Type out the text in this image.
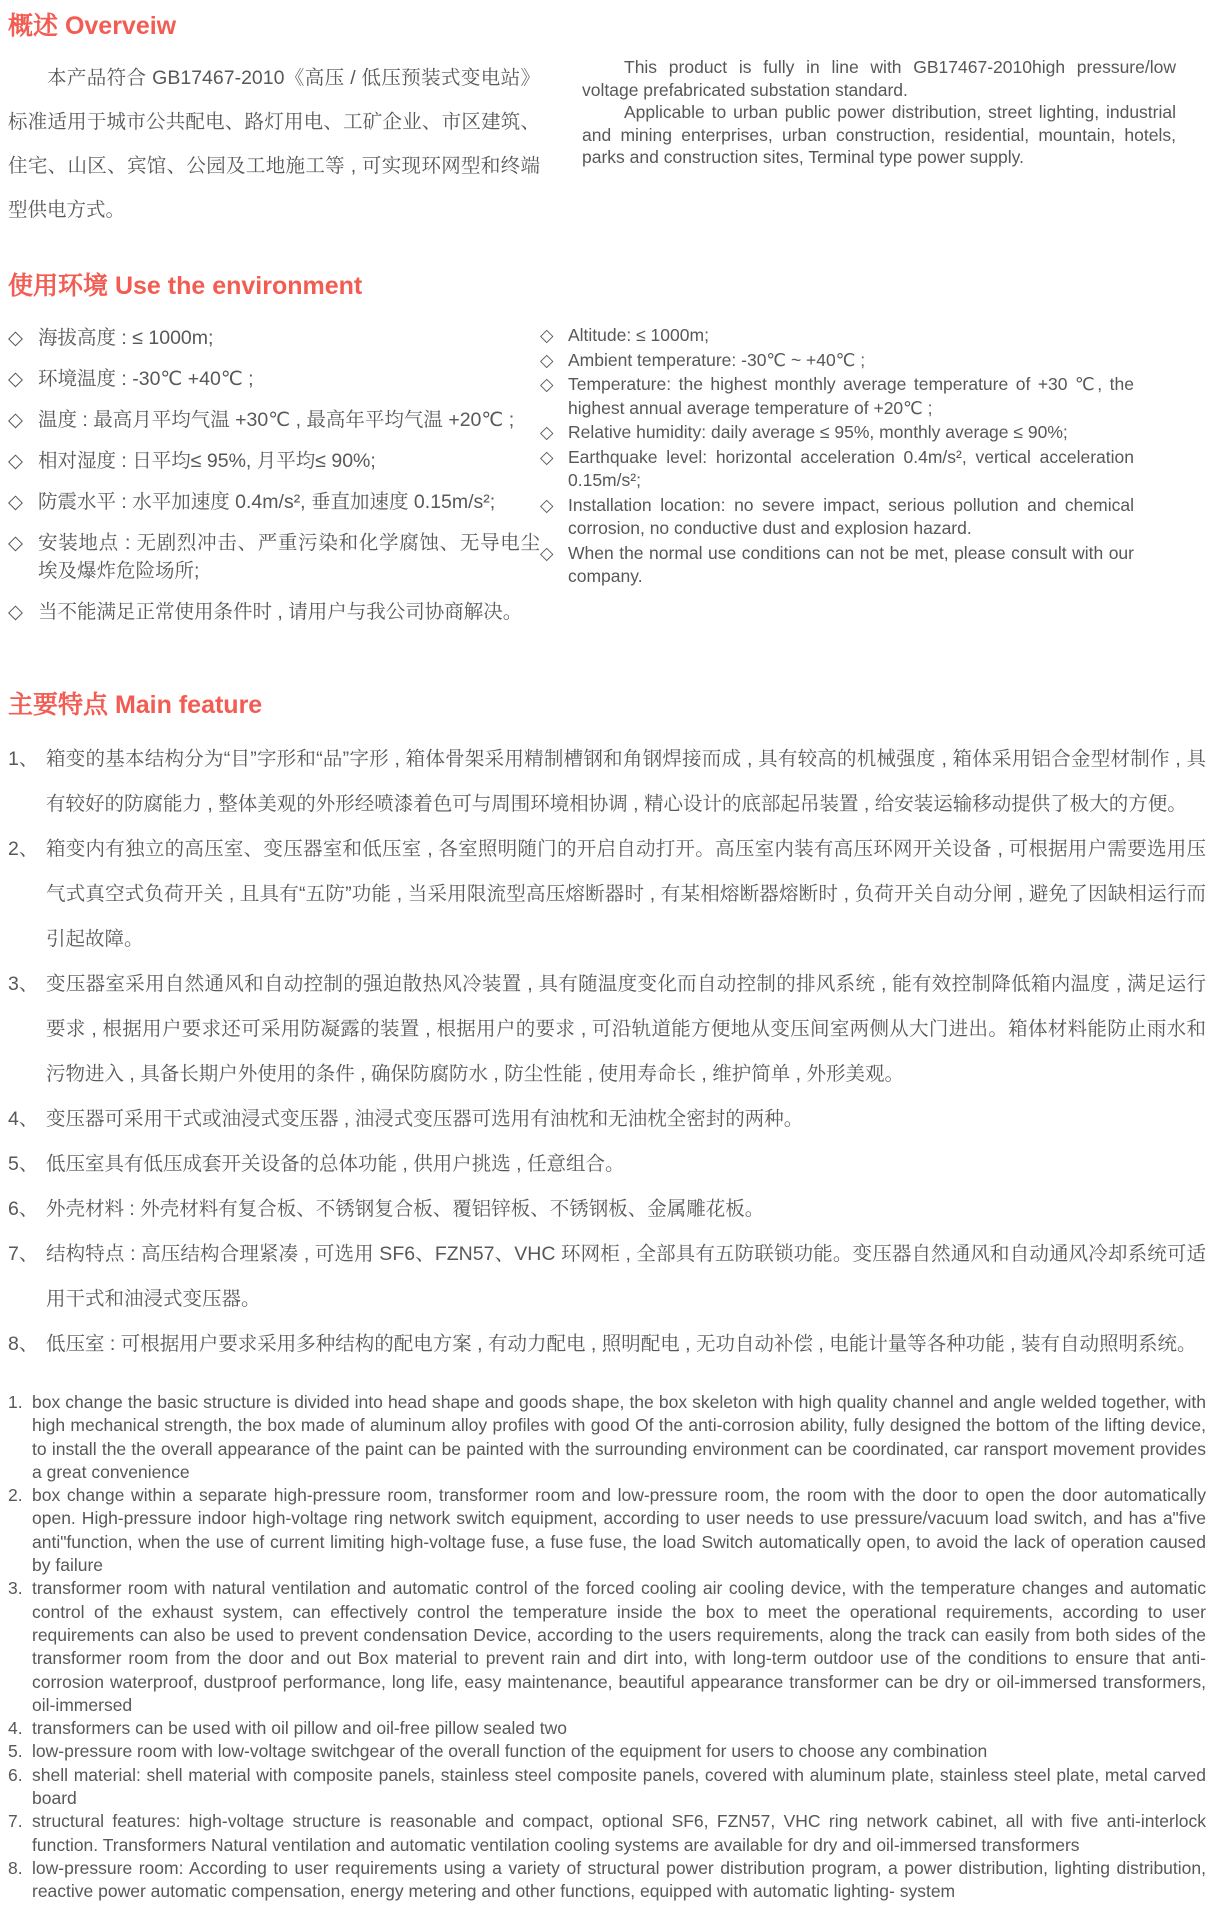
概述 Overveiw

本产品符合 GB17467-2010《高压 / 低压预装式变电站》标准适用于城市公共配电、路灯用电、工矿企业、市区建筑、住宅、山区、宾馆、公园及工地施工等 , 可实现环网型和终端型供电方式。

This product is fully in line with GB17467-2010high pressure/low voltage prefabricated substation standard.

Applicable to urban public power distribution, street lighting, industrial and mining enterprises, urban construction, residential, mountain, hotels, parks and construction sites, Terminal type power supply.

使用环境 Use the environment
◇ 海拔高度 : ≤ 1000m;
◇ 环境温度 : -30℃ +40℃ ;
◇ 温度 : 最高月平均气温 +30℃ , 最高年平均气温 +20℃ ;
◇ 相对湿度 : 日平均≤ 95%, 月平均≤ 90%;
◇ 防震水平 : 水平加速度 0.4m/s², 垂直加速度 0.15m/s²;
◇ 安装地点 : 无剧烈冲击、严重污染和化学腐蚀、无导电尘埃及爆炸危险场所;
◇ 当不能满足正常使用条件时 , 请用户与我公司协商解决。
◇ Altitude: ≤ 1000m;
◇ Ambient temperature: -30℃ ~ +40℃ ;
◇ Temperature: the highest monthly average temperature of +30 ℃, the highest annual average temperature of +20℃ ;
◇ Relative humidity: daily average ≤ 95%, monthly average ≤ 90%;
◇ Earthquake level: horizontal acceleration 0.4m/s², vertical acceleration 0.15m/s²;
◇ Installation location: no severe impact, serious pollution and chemical corrosion, no conductive dust and explosion hazard.
◇ When the normal use conditions can not be met, please consult with our company.
主要特点 Main feature
1、 箱变的基本结构分为“目”字形和“品”字形 , 箱体骨架采用精制槽钢和角钢焊接而成 , 具有较高的机械强度 , 箱体采用铝合金型材制作 , 具有较好的防腐能力 , 整体美观的外形经喷漆着色可与周围环境相协调 , 精心设计的底部起吊装置 , 给安装运输移动提供了极大的方便。
2、 箱变内有独立的高压室、变压器室和低压室 , 各室照明随门的开启自动打开。高压室内装有高压环网开关设备 , 可根据用户需要选用压气式真空式负荷开关 , 且具有“五防”功能 , 当采用限流型高压熔断器时 , 有某相熔断器熔断时 , 负荷开关自动分闸 , 避免了因缺相运行而引起故障。
3、 变压器室采用自然通风和自动控制的强迫散热风冷装置 , 具有随温度变化而自动控制的排风系统 , 能有效控制降低箱内温度 , 满足运行要求 , 根据用户要求还可采用防凝露的装置 , 根据用户的要求 , 可沿轨道能方便地从变压间室两侧从大门进出。箱体材料能防止雨水和污物进入 , 具备长期户外使用的条件 , 确保防腐防水 , 防尘性能 , 使用寿命长 , 维护简单 , 外形美观。
4、 变压器可采用干式或油浸式变压器 , 油浸式变压器可选用有油枕和无油枕全密封的两种。
5、 低压室具有低压成套开关设备的总体功能 , 供用户挑选 , 任意组合。
6、 外壳材料 : 外壳材料有复合板、不锈钢复合板、覆铝锌板、不锈钢板、金属雕花板。
7、 结构特点 : 高压结构合理紧凑 , 可选用 SF6、FZN57、VHC 环网柜 , 全部具有五防联锁功能。变压器自然通风和自动通风冷却系统可适用干式和油浸式变压器。
8、 低压室 : 可根据用户要求采用多种结构的配电方案 , 有动力配电 , 照明配电 , 无功自动补偿 , 电能计量等各种功能 , 装有自动照明系统。
1. box change the basic structure is divided into head shape and goods shape, the box skeleton with high quality channel and angle welded together, with high mechanical strength, the box made of aluminum alloy profiles with good Of the anti-corrosion ability, fully designed the bottom of the lifting device, to install the the overall appearance of the paint can be painted with the surrounding environment can be coordinated, car ransport movement provides a great convenience
2. box change within a separate high-pressure room, transformer room and low-pressure room, the room with the door to open the door automatically open. High-pressure indoor high-voltage ring network switch equipment, according to user needs to use pressure/vacuum load switch, and has a"five anti"function, when the use of current limiting high-voltage fuse, a fuse fuse, the load Switch automatically open, to avoid the lack of operation caused by failure
3. transformer room with natural ventilation and automatic control of the forced cooling air cooling device, with the temperature changes and automatic control of the exhaust system, can effectively control the temperature inside the box to meet the operational requirements, according to user requirements can also be used to prevent condensation Device, according to the users requirements, along the track can easily from both sides of the transformer room from the door and out Box material to prevent rain and dirt into, with long-term outdoor use of the conditions to ensure that anti-corrosion waterproof, dustproof performance, long life, easy maintenance, beautiful appearance transformer can be dry or oil-immersed transformers, oil-immersed
4. transformers can be used with oil pillow and oil-free pillow sealed two
5. low-pressure room with low-voltage switchgear of the overall function of the equipment for users to choose any combination
6. shell material: shell material with composite panels, stainless steel composite panels, covered with aluminum plate, stainless steel plate, metal carved board
7. structural features: high-voltage structure is reasonable and compact, optional SF6, FZN57, VHC ring network cabinet, all with five anti-interlock function. Transformers Natural ventilation and automatic ventilation cooling systems are available for dry and oil-immersed transformers
8. low-pressure room: According to user requirements using a variety of structural power distribution program, a power distribution, lighting distribution, reactive power automatic compensation, energy metering and other functions, equipped with automatic lighting- system
